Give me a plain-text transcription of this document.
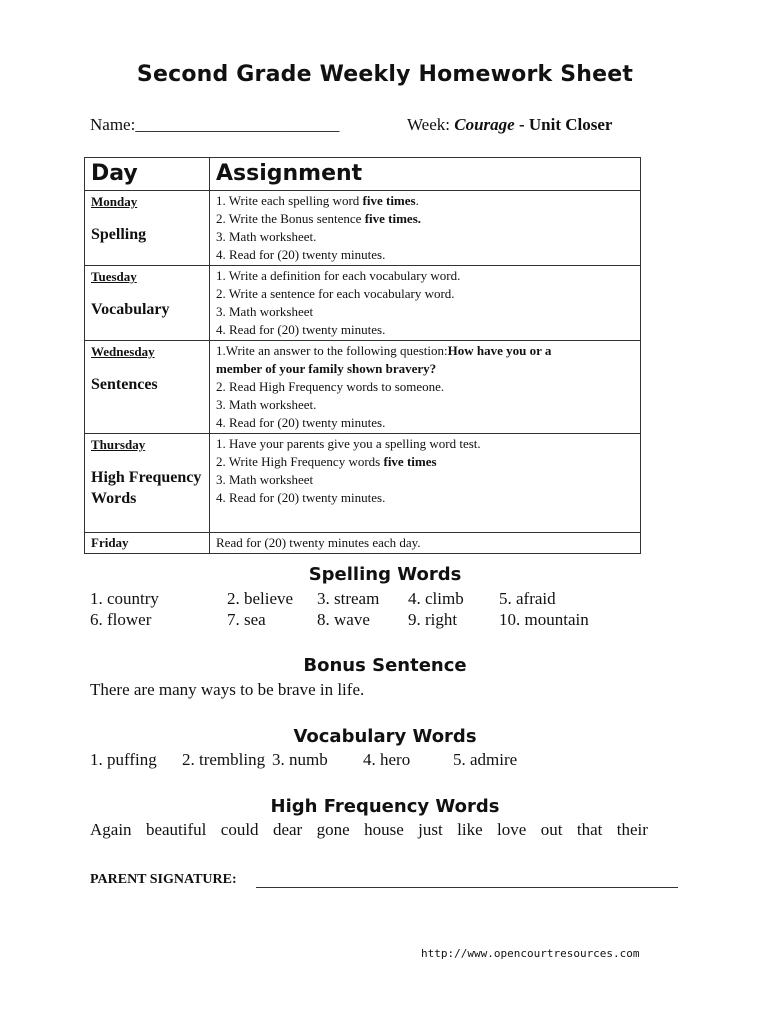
Second Grade Weekly Homework Sheet
Name:________________________	Week: Courage - Unit Closer
Day	Assignment

Monday
Spelling	1. Write each spelling word five times.
2. Write the Bonus sentence five times.
3. Math worksheet.
4. Read for (20) twenty minutes.

Tuesday
Vocabulary	1. Write a definition for each vocabulary word.
2. Write a sentence for each vocabulary word.
3. Math worksheet
4. Read for (20) twenty minutes.

Wednesday
Sentences	1.Write an answer to the following question:How have you or a
member of your family shown bravery?
2. Read High Frequency words to someone.
3. Math worksheet.
4. Read for (20) twenty minutes.

Thursday
High Frequency Words	1. Have your parents give you a spelling word test.
2. Write High Frequency words five times
3. Math worksheet
4. Read for (20) twenty minutes.

Friday	Read for (20) twenty minutes each day.
Spelling Words
1. country	2. believe 3. stream 4. climb 5. afraid
6. flower	7. sea	8. wave 9. right 10. mountain
Bonus Sentence
There are many ways to be brave in life.
Vocabulary Words
1. puffing 2. trembling 3. numb 4. hero	5. admire
High Frequency Words
Again beautiful could dear gone house just like love out that their
PARENT SIGNATURE:
http://www.opencourtresources.com
